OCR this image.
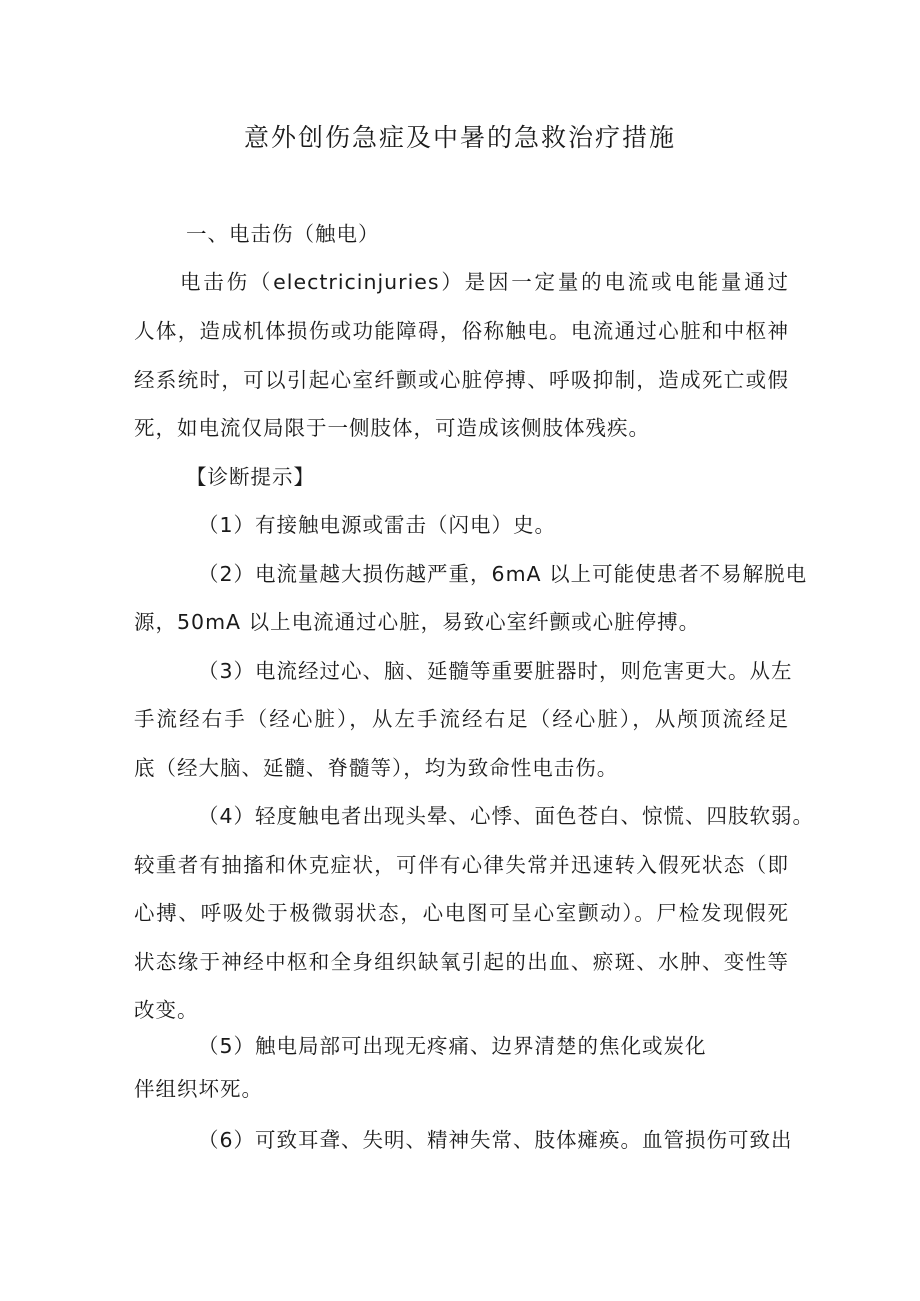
意外创伤急症及中暑的急救治疗措施

一、电击伤（触电）

电击伤（electricinjuries）是因一定量的电流或电能量通过

人体，造成机体损伤或功能障碍，俗称触电。电流通过心脏和中枢神

经系统时，可以引起心室纤颤或心脏停搏、呼吸抑制，造成死亡或假

死，如电流仅局限于一侧肢体，可造成该侧肢体残疾。

【诊断提示】

（1）有接触电源或雷击（闪电）史。

（2）电流量越大损伤越严重，6mA 以上可能使患者不易解脱电

源，50mA 以上电流通过心脏，易致心室纤颤或心脏停搏。

（3）电流经过心、脑、延髓等重要脏器时，则危害更大。从左

手流经右手（经心脏），从左手流经右足（经心脏），从颅顶流经足

底（经大脑、延髓、脊髓等），均为致命性电击伤。

（4）轻度触电者出现头晕、心悸、面色苍白、惊慌、四肢软弱。

较重者有抽搐和休克症状，可伴有心律失常并迅速转入假死状态（即

心搏、呼吸处于极微弱状态，心电图可呈心室颤动）。尸检发现假死

状态缘于神经中枢和全身组织缺氧引起的出血、瘀斑、水肿、变性等

改变。

（5）触电局部可出现无疼痛、边界清楚的焦化或炭化

伴组织坏死。

（6）可致耳聋、失明、精神失常、肢体瘫痪。血管损伤可致出
